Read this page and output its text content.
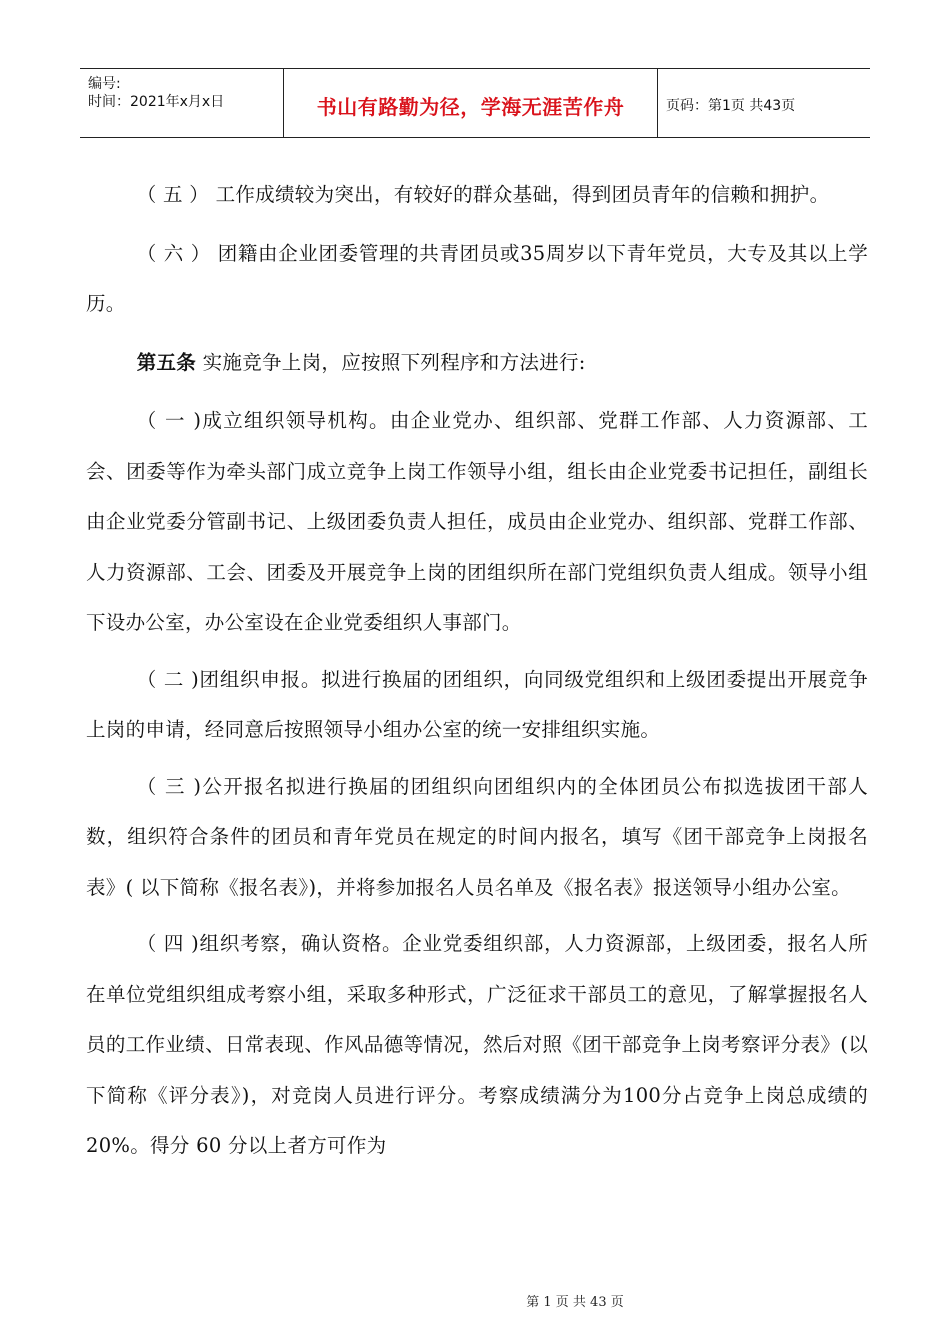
编号:
时间：2021年x月x日	书山有路勤为径，学海无涯苦作舟	页码：第1页 共43页

（ 五 ） 工作成绩较为突出，有较好的群众基础，得到团员青年的信赖和拥护。

（ 六 ） 团籍由企业团委管理的共青团员或35周岁以下青年党员，大专及其以上学历。

第五条 实施竞争上岗，应按照下列程序和方法进行:

（ 一 )成立组织领导机构。由企业党办、组织部、党群工作部、人力资源部、工会、团委等作为牵头部门成立竞争上岗工作领导小组，组长由企业党委书记担任，副组长由企业党委分管副书记、上级团委负责人担任，成员由企业党办、组织部、党群工作部、人力资源部、工会、团委及开展竞争上岗的团组织所在部门党组织负责人组成。领导小组下设办公室，办公室设在企业党委组织人事部门。

（ 二 )团组织申报。拟进行换届的团组织，向同级党组织和上级团委提出开展竞争上岗的申请，经同意后按照领导小组办公室的统一安排组织实施。

（ 三 )公开报名拟进行换届的团组织向团组织内的全体团员公布拟选拔团干部人数，组织符合条件的团员和青年党员在规定的时间内报名，填写《团干部竞争上岗报名表》( 以下简称《报名表》)，并将参加报名人员名单及《报名表》报送领导小组办公室。

（ 四 )组织考察，确认资格。企业党委组织部，人力资源部，上级团委，报名人所在单位党组织组成考察小组，采取多种形式，广泛征求干部员工的意见，了解掌握报名人员的工作业绩、日常表现、作风品德等情况，然后对照《团干部竞争上岗考察评分表》(以下简称《评分表》)，对竞岗人员进行评分。考察成绩满分为100分占竞争上岗总成绩的20%。得分 60 分以上者方可作为

第 1 页 共 43 页
